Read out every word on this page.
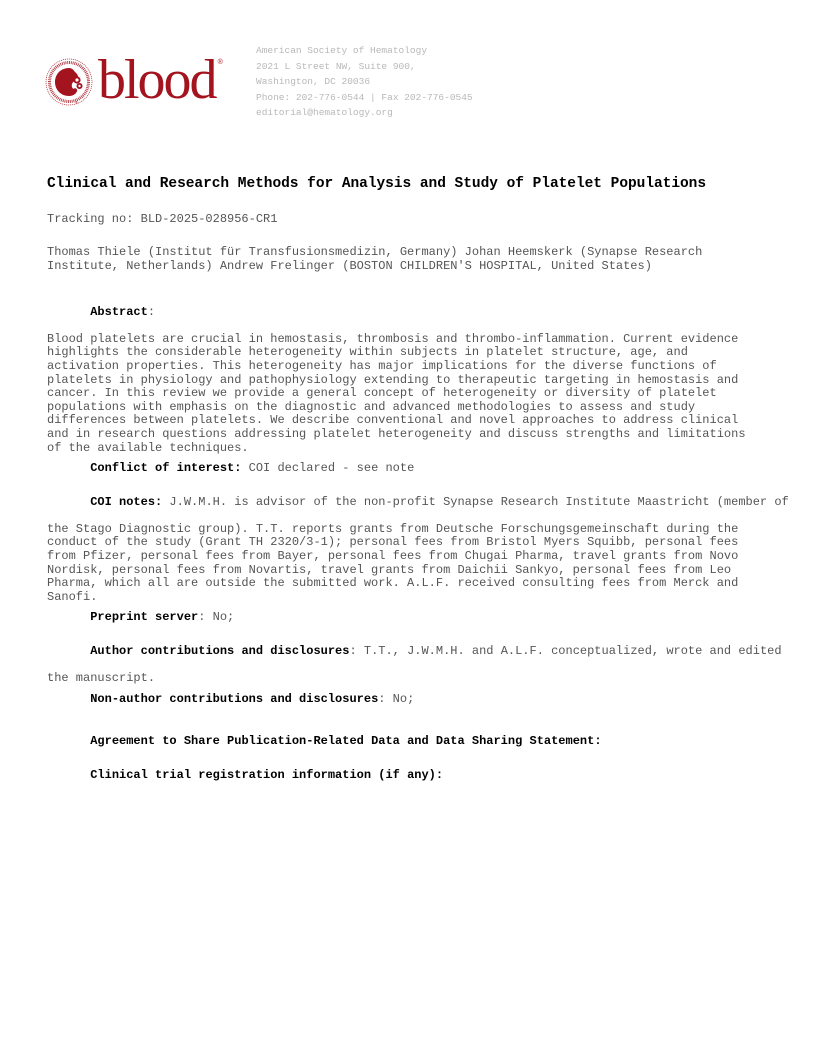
® blood ®
American Society of Hematology
2021 L Street NW, Suite 900,
Washington, DC 20036
Phone: 202-776-0544 | Fax 202-776-0545
editorial@hematology.org
Clinical and Research Methods for Analysis and Study of Platelet Populations
Tracking no: BLD-2025-028956-CR1
Thomas Thiele (Institut für Transfusionsmedizin, Germany) Johan Heemskerk (Synapse Research
Institute, Netherlands) Andrew Frelinger (BOSTON CHILDREN'S HOSPITAL, United States)

Abstract:

Blood platelets are crucial in hemostasis, thrombosis and thrombo-inflammation. Current evidence
highlights the considerable heterogeneity within subjects in platelet structure, age, and
activation properties. This heterogeneity has major implications for the diverse functions of
platelets in physiology and pathophysiology extending to therapeutic targeting in hemostasis and
cancer. In this review we provide a general concept of heterogeneity or diversity of platelet
populations with emphasis on the diagnostic and advanced methodologies to assess and study
differences between platelets. We describe conventional and novel approaches to address clinical
and in research questions addressing platelet heterogeneity and discuss strengths and limitations
of the available techniques.

Conflict of interest: COI declared - see note

COI notes: J.W.M.H. is advisor of the non-profit Synapse Research Institute Maastricht (member of

the Stago Diagnostic group). T.T. reports grants from Deutsche Forschungsgemeinschaft during the
conduct of the study (Grant TH 2320/3-1); personal fees from Bristol Myers Squibb, personal fees
from Pfizer, personal fees from Bayer, personal fees from Chugai Pharma, travel grants from Novo
Nordisk, personal fees from Novartis, travel grants from Daichii Sankyo, personal fees from Leo
Pharma, which all are outside the submitted work. A.L.F. received consulting fees from Merck and
Sanofi.

Preprint server: No;

Author contributions and disclosures: T.T., J.W.M.H. and A.L.F. conceptualized, wrote and edited

the manuscript.

Non-author contributions and disclosures: No;

Agreement to Share Publication-Related Data and Data Sharing Statement:

Clinical trial registration information (if any):
